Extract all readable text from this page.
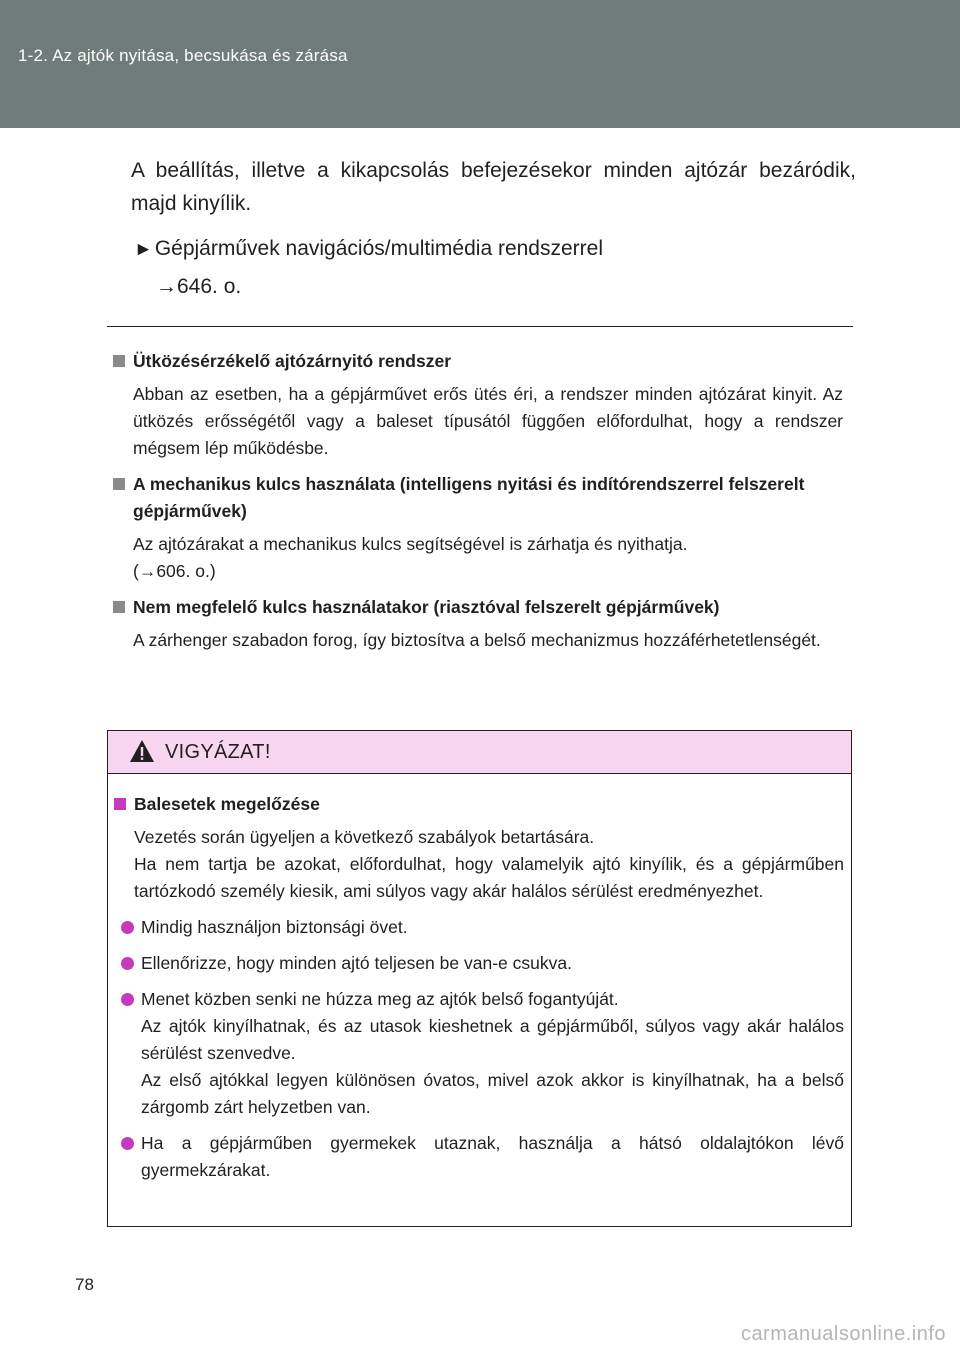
1-2. Az ajtók nyitása, becsukása és zárása
A beállítás, illetve a kikapcsolás befejezésekor minden ajtózár bezáródik, majd kinyílik.
►Gépjárművek navigációs/multimédia rendszerrel
→646. o.
Ütközésérzékelő ajtózárnyitó rendszer
Abban az esetben, ha a gépjárművet erős ütés éri, a rendszer minden ajtózárat kinyit. Az ütközés erősségétől vagy a baleset típusától függően előfordulhat, hogy a rendszer mégsem lép működésbe.
A mechanikus kulcs használata (intelligens nyitási és indítórendszerrel felszerelt gépjárművek)
Az ajtózárakat a mechanikus kulcs segítségével is zárhatja és nyithatja.
(→606. o.)
Nem megfelelő kulcs használatakor (riasztóval felszerelt gépjárművek)
A zárhenger szabadon forog, így biztosítva a belső mechanizmus hozzáférhetetlenségét.
VIGYÁZAT!
Balesetek megelőzése
Vezetés során ügyeljen a következő szabályok betartására.
Ha nem tartja be azokat, előfordulhat, hogy valamelyik ajtó kinyílik, és a gépjárműben tartózkodó személy kiesik, ami súlyos vagy akár halálos sérülést eredményezhet.
Mindig használjon biztonsági övet.
Ellenőrizze, hogy minden ajtó teljesen be van-e csukva.
Menet közben senki ne húzza meg az ajtók belső fogantyúját.
Az ajtók kinyílhatnak, és az utasok kieshetnek a gépjárműből, súlyos vagy akár halálos sérülést szenvedve.
Az első ajtókkal legyen különösen óvatos, mivel azok akkor is kinyílhatnak, ha a belső zárgomb zárt helyzetben van.
Ha a gépjárműben gyermekek utaznak, használja a hátsó oldalajtókon lévő gyermekzárakat.
78
carmanualsonline.info
